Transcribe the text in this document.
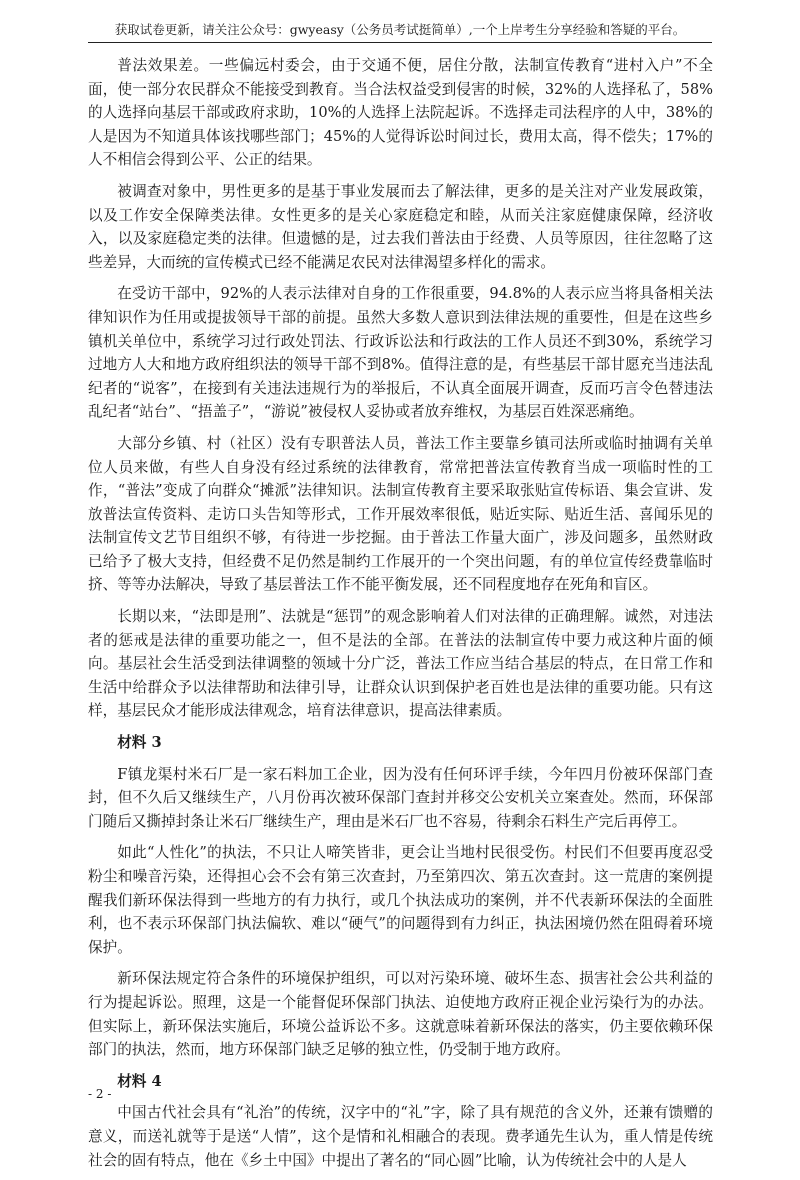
获取试卷更新，请关注公众号：gwyeasy（公务员考试挺简单）,一个上岸考生分享经验和答疑的平台。

普法效果差。一些偏远村委会，由于交通不便，居住分散，法制宣传教育“进村入户”不全面，使一部分农民群众不能接受到教育。当合法权益受到侵害的时候，32%的人选择私了，58%的人选择向基层干部或政府求助，10%的人选择上法院起诉。不选择走司法程序的人中，38%的人是因为不知道具体该找哪些部门；45%的人觉得诉讼时间过长，费用太高，得不偿失；17%的人不相信会得到公平、公正的结果。

被调查对象中，男性更多的是基于事业发展而去了解法律，更多的是关注对产业发展政策，以及工作安全保障类法律。女性更多的是关心家庭稳定和睦，从而关注家庭健康保障，经济收入，以及家庭稳定类的法律。但遗憾的是，过去我们普法由于经费、人员等原因，往往忽略了这些差异，大而统的宣传模式已经不能满足农民对法律渴望多样化的需求。

在受访干部中，92%的人表示法律对自身的工作很重要，94.8%的人表示应当将具备相关法律知识作为任用或提拔领导干部的前提。虽然大多数人意识到法律法规的重要性，但是在这些乡镇机关单位中，系统学习过行政处罚法、行政诉讼法和行政法的工作人员还不到30%，系统学习过地方人大和地方政府组织法的领导干部不到8%。值得注意的是，有些基层干部甘愿充当违法乱纪者的“说客”，在接到有关违法违规行为的举报后，不认真全面展开调查，反而巧言令色替违法乱纪者“站台”、“捂盖子”，“游说”被侵权人妥协或者放弃维权，为基层百姓深恶痛绝。

大部分乡镇、村（社区）没有专职普法人员，普法工作主要靠乡镇司法所或临时抽调有关单位人员来做，有些人自身没有经过系统的法律教育，常常把普法宣传教育当成一项临时性的工作，“普法”变成了向群众“摊派”法律知识。法制宣传教育主要采取张贴宣传标语、集会宣讲、发放普法宣传资料、走访口头告知等形式，工作开展效率很低，贴近实际、贴近生活、喜闻乐见的法制宣传文艺节目组织不够，有待进一步挖掘。由于普法工作量大面广，涉及问题多，虽然财政已给予了极大支持，但经费不足仍然是制约工作展开的一个突出问题，有的单位宣传经费靠临时挤、等等办法解决，导致了基层普法工作不能平衡发展，还不同程度地存在死角和盲区。

长期以来，“法即是刑”、法就是“惩罚”的观念影响着人们对法律的正确理解。诚然，对违法者的惩戒是法律的重要功能之一，但不是法的全部。在普法的法制宣传中要力戒这种片面的倾向。基层社会生活受到法律调整的领域十分广泛，普法工作应当结合基层的特点，在日常工作和生活中给群众予以法律帮助和法律引导，让群众认识到保护老百姓也是法律的重要功能。只有这样，基层民众才能形成法律观念，培育法律意识，提高法律素质。

材料 3

F镇龙渠村米石厂是一家石料加工企业，因为没有任何环评手续，今年四月份被环保部门查封，但不久后又继续生产，八月份再次被环保部门查封并移交公安机关立案查处。然而，环保部门随后又撕掉封条让米石厂继续生产，理由是米石厂也不容易，待剩余石料生产完后再停工。

如此“人性化”的执法，不只让人啼笑皆非，更会让当地村民很受伤。村民们不但要再度忍受粉尘和噪音污染，还得担心会不会有第三次查封，乃至第四次、第五次查封。这一荒唐的案例提醒我们新环保法得到一些地方的有力执行，或几个执法成功的案例，并不代表新环保法的全面胜利，也不表示环保部门执法偏软、难以“硬气”的问题得到有力纠正，执法困境仍然在阻碍着环境保护。

新环保法规定符合条件的环境保护组织，可以对污染环境、破坏生态、损害社会公共利益的行为提起诉讼。照理，这是一个能督促环保部门执法、迫使地方政府正视企业污染行为的办法。但实际上，新环保法实施后，环境公益诉讼不多。这就意味着新环保法的落实，仍主要依赖环保部门的执法，然而，地方环保部门缺乏足够的独立性，仍受制于地方政府。

材料 4

中国古代社会具有“礼治”的传统，汉字中的“礼”字，除了具有规范的含义外，还兼有馈赠的意义，而送礼就等于是送“人情”，这个是情和礼相融合的表现。费孝通先生认为，重人情是传统社会的固有特点，他在《乡土中国》中提出了著名的“同心圆”比喻，认为传统社会中的人是人

- 2 -
